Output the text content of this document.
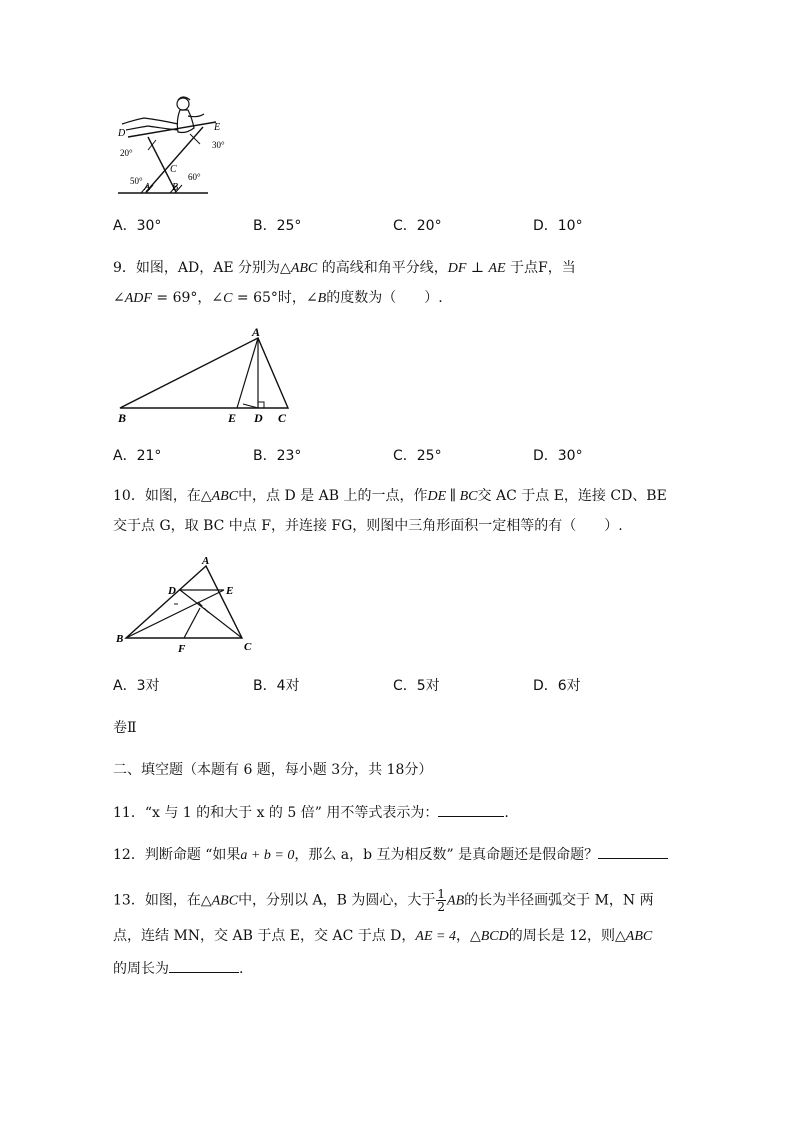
D
E
C
A B
20°
30°
50°	60°
A．30°	B．25°	C．20°	D．10°
9．如图，AD，AE 分别为△ABC 的高线和角平分线，DF ⊥ AE 于点F，当
∠ADF = 69°，∠C = 65°时，∠B的度数为（　　）.
A
B	E D C
A．21°	B．23°	C．25°	D．30°
10．如图，在△ABC中，点 D 是 AB 上的一点，作DE ∥ BC交 AC 于点 E，连接 CD、BE
交于点 G，取 BC 中点 F，并连接 FG，则图中三角形面积一定相等的有（　　）.
A
D	E
B
F	C
A．3对	B．4对	C．5对	D．6对
卷Ⅱ
二、填空题（本题有 6 题，每小题 3分，共 18分）
11．“x 与 1 的和大于 x 的 5 倍” 用不等式表示为：	.
12．判断命题 “如果a + b = 0，那么 a，b 互为相反数” 是真命题还是假命题？
13．如图，在△ABC中，分别以 A，B 为圆心，大于 $\frac{1}{2}$ AB的长为半径画弧交于 M，N 两
点，连结 MN，交 AB 于点 E，交 AC 于点 D，AE = 4，△BCD的周长是 12，则△ABC
的周长为	.
